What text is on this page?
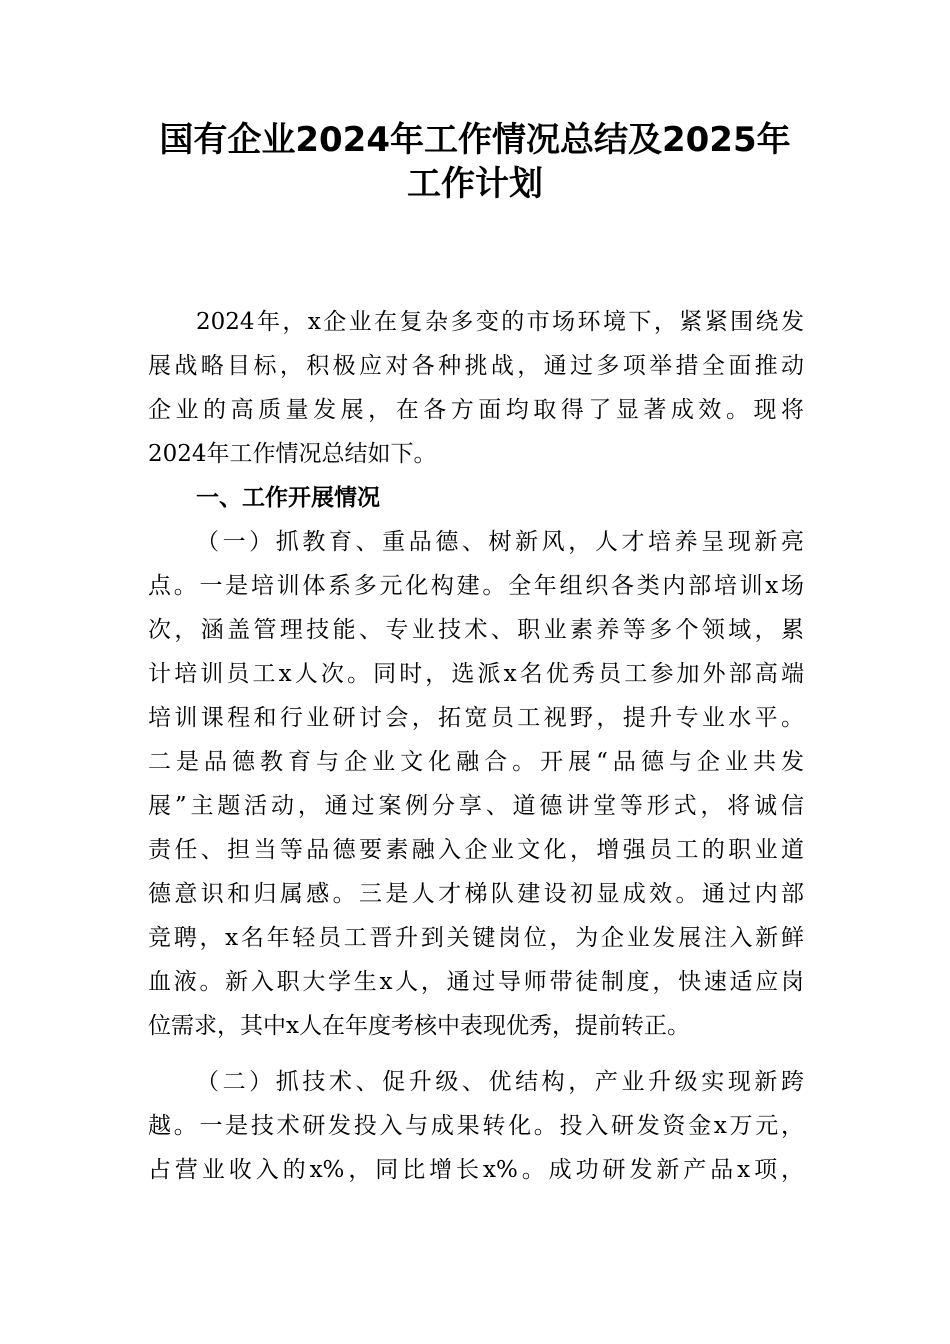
国有企业2024年工作情况总结及2025年
工作计划
2024年，x企业在复杂多变的市场环境下，紧紧围绕发
展战略目标，积极应对各种挑战，通过多项举措全面推动
企业的高质量发展，在各方面均取得了显著成效。现将
2024年工作情况总结如下。
一、工作开展情况
（一）抓教育、重品德、树新风，人才培养呈现新亮
点。一是培训体系多元化构建。全年组织各类内部培训x场
次，涵盖管理技能、专业技术、职业素养等多个领域，累
计培训员工x人次。同时，选派x名优秀员工参加外部高端
培训课程和行业研讨会，拓宽员工视野，提升专业水平。
二是品德教育与企业文化融合。开展“品德与企业共发
展”主题活动，通过案例分享、道德讲堂等形式，将诚信
责任、担当等品德要素融入企业文化，增强员工的职业道
德意识和归属感。三是人才梯队建设初显成效。通过内部
竞聘，x名年轻员工晋升到关键岗位，为企业发展注入新鲜
血液。新入职大学生x人，通过导师带徒制度，快速适应岗
位需求，其中x人在年度考核中表现优秀，提前转正。
（二）抓技术、促升级、优结构，产业升级实现新跨
越。一是技术研发投入与成果转化。投入研发资金x万元，
占营业收入的x%，同比增长x%。成功研发新产品x项，
